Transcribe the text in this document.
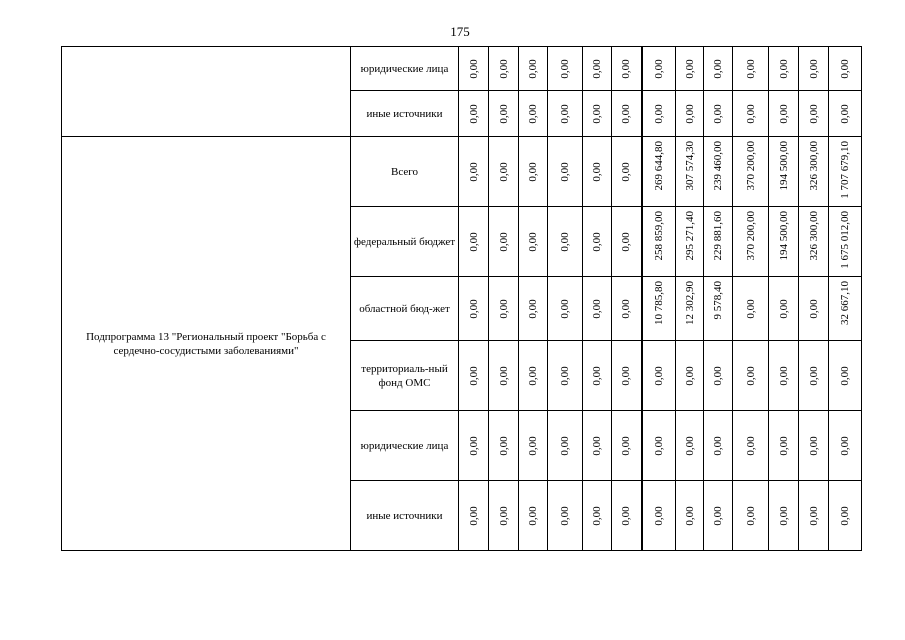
175
	юридические лица	0,00	0,00	0,00	0,00	0,00	0,00	0,00	0,00	0,00	0,00	0,00	0,00	0,00

	иные источники	0,00	0,00	0,00	0,00	0,00	0,00	0,00	0,00	0,00	0,00	0,00	0,00	0,00

Подпрограмма 13 "Региональный проект "Борьба с сердечно-сосудистыми заболеваниями"	Всего	0,00	0,00	0,00	0,00	0,00	0,00	269 644,80	307 574,30	239 460,00	370 200,00	194 500,00	326 300,00	1 707 679,10

	федеральный бюджет	0,00	0,00	0,00	0,00	0,00	0,00	258 859,00	295 271,40	229 881,60	370 200,00	194 500,00	326 300,00	1 675 012,00

	областной бюд-жет	0,00	0,00	0,00	0,00	0,00	0,00	10 785,80	12 302,90	9 578,40	0,00	0,00	0,00	32 667,10

	территориаль-ный фонд ОМС	0,00	0,00	0,00	0,00	0,00	0,00	0,00	0,00	0,00	0,00	0,00	0,00	0,00

	юридические лица	0,00	0,00	0,00	0,00	0,00	0,00	0,00	0,00	0,00	0,00	0,00	0,00	0,00

	иные источники	0,00	0,00	0,00	0,00	0,00	0,00	0,00	0,00	0,00	0,00	0,00	0,00	0,00
